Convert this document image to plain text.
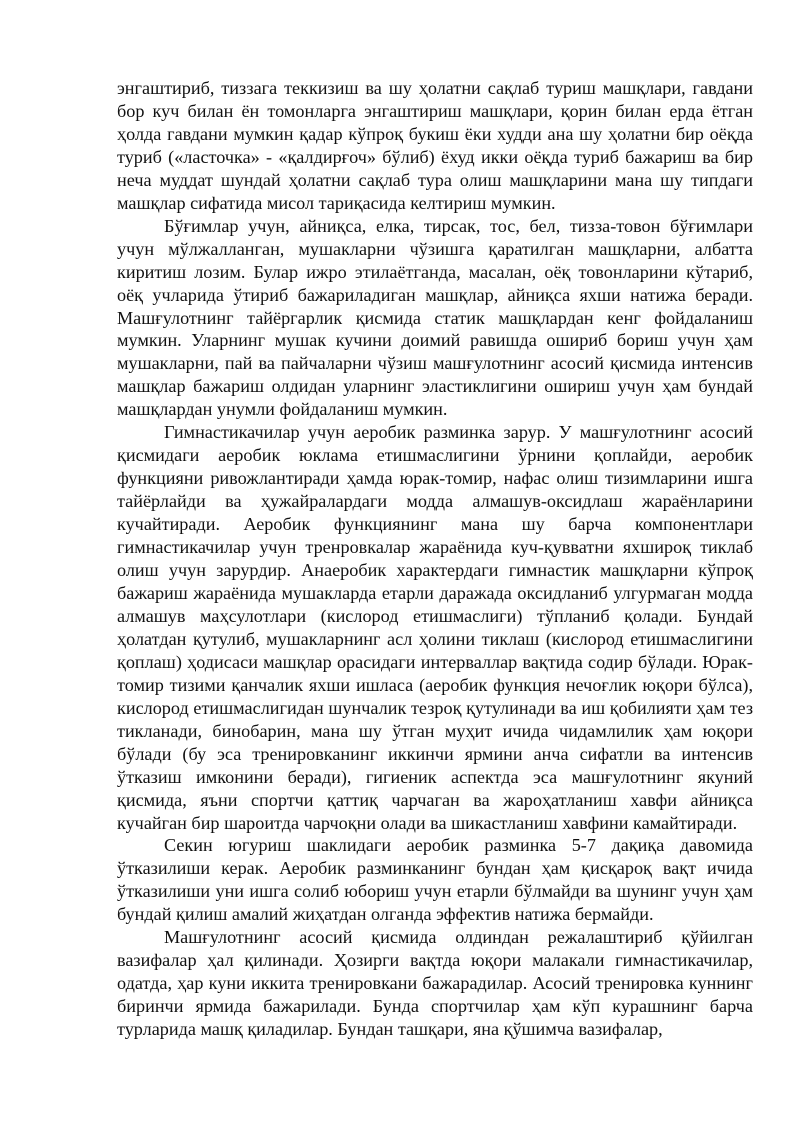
энгаштириб, тиззага теккизиш ва шу ҳолатни сақлаб туриш машқлари, гавдани бор куч билан ён томонларга энгаштириш машқлари, қорин билан ерда ётган ҳолда гавдани мумкин қадар кўпроқ букиш ёки худди ана шу ҳолатни бир оёқда туриб («ласточка» - «қалдирғоч» бўлиб) ёхуд икки оёқда туриб бажариш ва бир неча муддат шундай ҳолатни сақлаб тура олиш машқларини мана шу типдаги машқлар сифатида мисол тариқасида келтириш мумкин.

Бўғимлар учун, айниқса, елка, тирсак, тос, бел, тизза-товон бўғимлари учун мўлжалланган, мушакларни чўзишга қаратилган машқларни, албатта киритиш лозим. Булар ижро этилаётганда, масалан, оёқ товонларини кўтариб, оёқ учларида ўтириб бажариладиган машқлар, айниқса яхши натижа беради. Машғулотнинг тайёргарлик қисмида статик машқлардан кенг фойдаланиш мумкин. Уларнинг мушак кучини доимий равишда ошириб бориш учун ҳам мушакларни, пай ва пайчаларни чўзиш машғулотнинг асосий қисмида интенсив машқлар бажариш олдидан уларнинг эластиклигини ошириш учун ҳам бундай машқлардан унумли фойдаланиш мумкин.

Гимнастикачилар учун аеробик разминка зарур. У машғулотнинг асосий қисмидаги аеробик юклама етишмаслигини ўрнини қоплайди, аеробик функцияни ривожлантиради ҳамда юрак-томир, нафас олиш тизимларини ишга тайёрлайди ва ҳужайралардаги модда алмашув-оксидлаш жараёнларини кучайтиради. Аеробик функциянинг мана шу барча компонентлари гимнастикачилар учун тренровкалар жараёнида куч-қувватни яхшироқ тиклаб олиш учун зарурдир. Анаеробик характердаги гимнастик машқларни кўпроқ бажариш жараёнида мушакларда етарли даражада оксидланиб улгурмаган модда алмашув маҳсулотлари (кислород етишмаслиги) тўпланиб қолади. Бундай ҳолатдан қутулиб, мушакларнинг асл ҳолини тиклаш (кислород етишмаслигини қоплаш) ҳодисаси машқлар орасидаги интерваллар вақтида содир бўлади. Юрак-томир тизими қанчалик яхши ишласа (аеробик функция нечоғлик юқори бўлса), кислород етишмаслигидан шунчалик тезроқ қутулинади ва иш қобилияти ҳам тез тикланади, бинобарин, мана шу ўтган муҳит ичида чидамлилик ҳам юқори бўлади (бу эса тренировканинг иккинчи ярмини анча сифатли ва интенсив ўтказиш имконини беради), гигиеник аспектда эса машғулотнинг якуний қисмида, яъни спортчи қаттиқ чарчаган ва жароҳатланиш хавфи айниқса кучайган бир шароитда чарчоқни олади ва шикастланиш хавфини камайтиради.

Секин югуриш шаклидаги аеробик разминка 5-7 дақиқа давомида ўтказилиши керак. Аеробик разминканинг бундан ҳам қисқароқ вақт ичида ўтказилиши уни ишга солиб юбориш учун етарли бўлмайди ва шунинг учун ҳам бундай қилиш амалий жиҳатдан олганда эффектив натижа бермайди.

Машғулотнинг асосий қисмида олдиндан режалаштириб қўйилган вазифалар ҳал қилинади. Ҳозирги вақтда юқори малакали гимнастикачилар, одатда, ҳар куни иккита тренировкани бажарадилар. Асосий тренировка куннинг биринчи ярмида бажарилади. Бунда спортчилар ҳам кўп курашнинг барча турларида машқ қиладилар. Бундан ташқари, яна қўшимча вазифалар,
